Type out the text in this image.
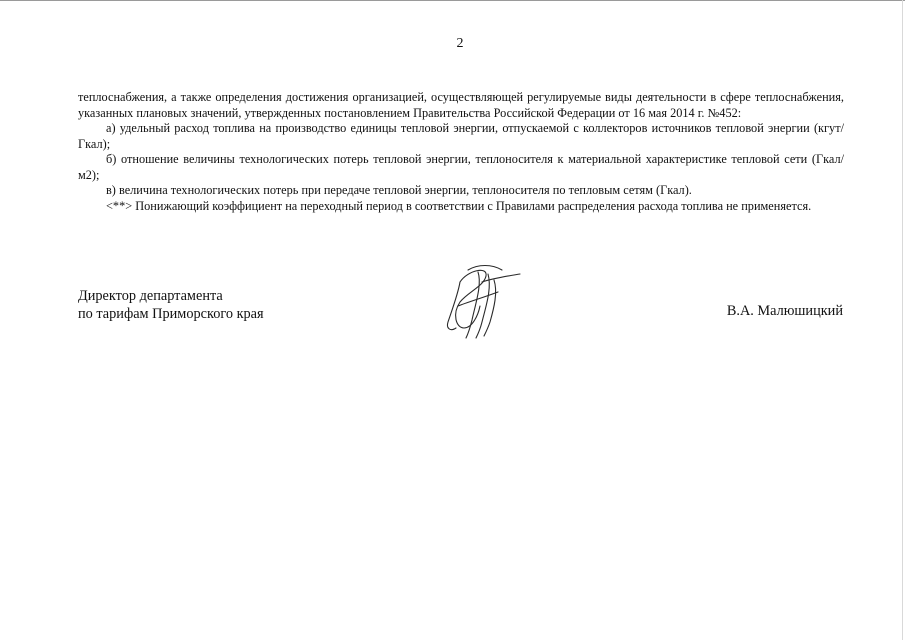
2

теплоснабжения, а также определения достижения организацией, осуществляющей регулируемые виды деятельности в сфере теплоснабжения, указанных плановых значений, утвержденных постановлением Правительства Российской Федерации от 16 мая 2014 г. №452:

а) удельный расход топлива на производство единицы тепловой энергии, отпускаемой с коллекторов источников тепловой энергии (кгут/Гкал);

б) отношение величины технологических потерь тепловой энергии, теплоносителя к материальной характеристике тепловой сети (Гкал/м2);

в) величина технологических потерь при передаче тепловой энергии, теплоносителя по тепловым сетям (Гкал).

<**> Понижающий коэффициент на переходный период в соответствии с Правилами распределения расхода топлива не применяется.

Директор департамента
по тарифам Приморского края	В.А. Малюшицкий
